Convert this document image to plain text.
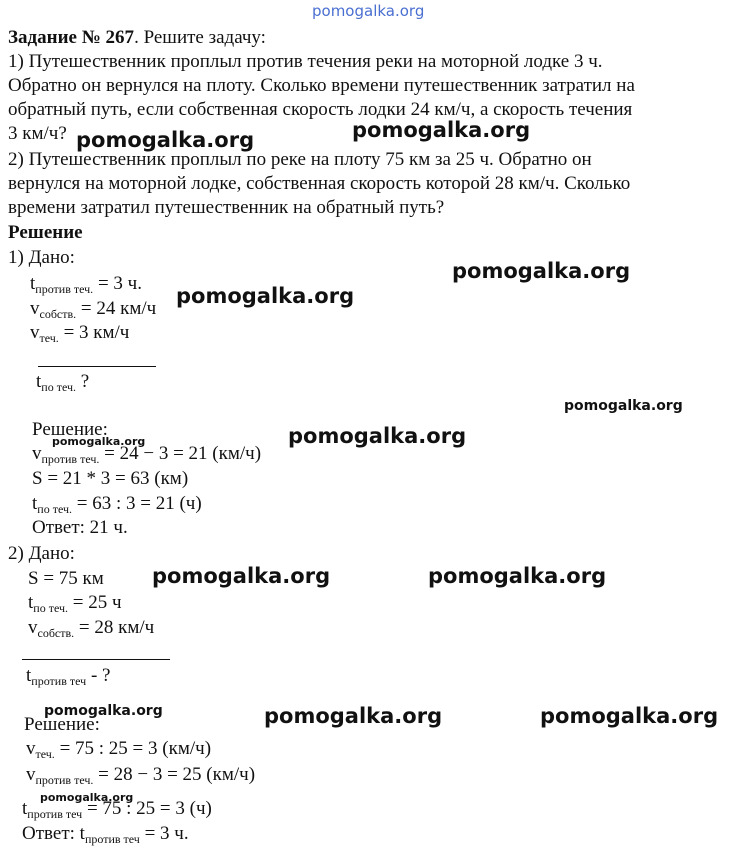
pomogalka.org
Задание № 267. Решите задачу:
1) Путешественник проплыл против течения реки на моторной лодке 3 ч.
Обратно он вернулся на плоту. Сколько времени путешественник затратил на
обратный путь, если собственная скорость лодки 24 км/ч, а скорость течения
3 км/ч?
2) Путешественник проплыл по реке на плоту 75 км за 25 ч. Обратно он
вернулся на моторной лодке, собственная скорость которой 28 км/ч. Сколько
времени затратил путешественник на обратный путь?
Решение
1) Дано:
$t_{против теч.} = 3$ ч.
$v_{собств.} = 24$ км/ч
$v_{теч.} = 3$ км/ч
$t_{по теч.}$ ?
Решение:
$v_{против теч.} = 24 - 3 = 21$ (км/ч)
S = 21 * 3 = 63 (км)
$t_{по теч.} = 63$ : 3 = 21 (ч)
Ответ: 21 ч.
2) Дано:
S = 75 км
$t_{по теч.} = 25$ ч
$v_{собств.} = 28$ км/ч
$t_{против теч}$ - ?
Решение:
$v_{теч.} = 75$ : 25 = 3 (км/ч)
$v_{против теч.} = 28 - 3 = 25$ (км/ч)
$t_{против теч} = 75$ : 25 = 3 (ч)
Ответ: $t_{против теч} = 3$ ч.
pomogalka.org	pomogalka.org
pomogalka.org
pomogalka.org
pomogalka.org
pomogalka.org
pomogalka.org
pomogalka.org	pomogalka.org
pomogalka.org	pomogalka.org	pomogalka.org
pomogalka.org
